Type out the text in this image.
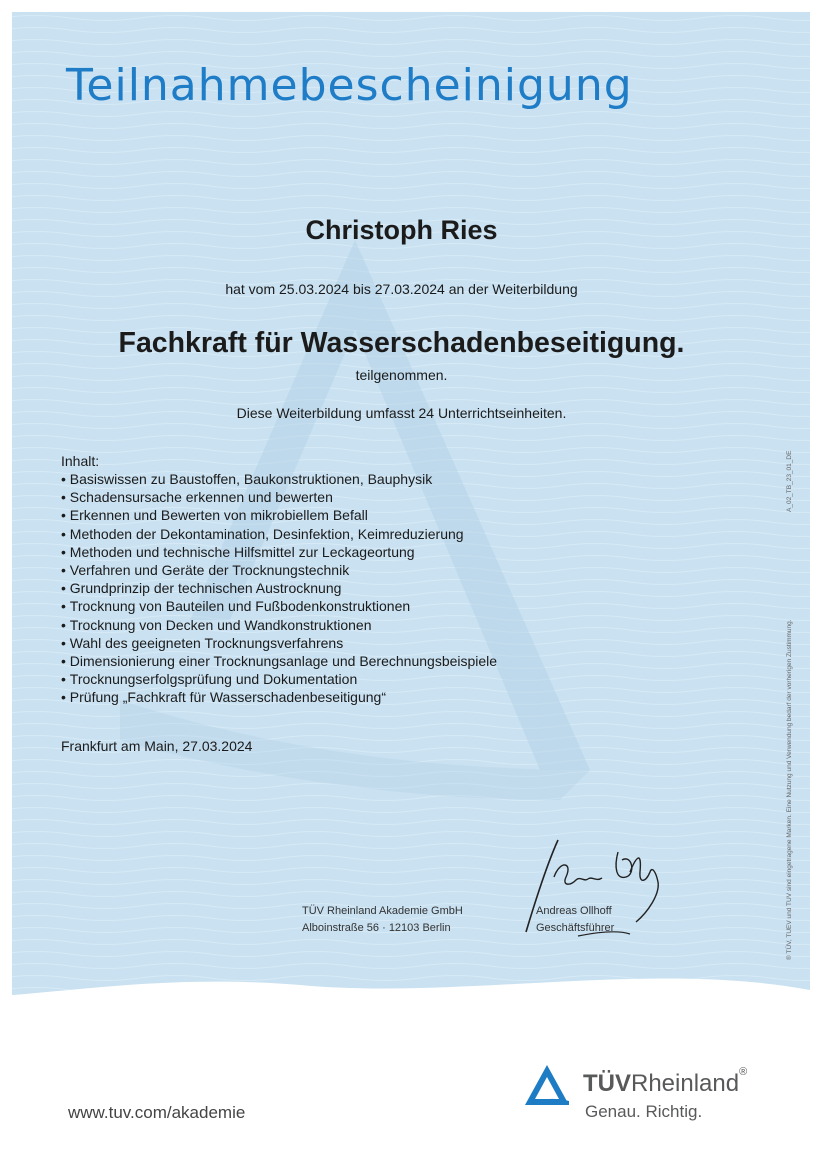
Teilnahmebescheinigung
Christoph Ries
hat vom 25.03.2024 bis 27.03.2024 an der Weiterbildung
Fachkraft für Wasserschadenbeseitigung.
teilgenommen.
Diese Weiterbildung umfasst 24 Unterrichtseinheiten.
Inhalt:
• Basiswissen zu Baustoffen, Baukonstruktionen, Bauphysik
• Schadensursache erkennen und bewerten
• Erkennen und Bewerten von mikrobiellem Befall
• Methoden der Dekontamination, Desinfektion, Keimreduzierung
• Methoden und technische Hilfsmittel zur Leckageortung
• Verfahren und Geräte der Trocknungstechnik
• Grundprinzip der technischen Austrocknung
• Trocknung von Bauteilen und Fußbodenkonstruktionen
• Trocknung von Decken und Wandkonstruktionen
• Wahl des geeigneten Trocknungsverfahrens
• Dimensionierung einer Trocknungsanlage und Berechnungsbeispiele
• Trocknungserfolgsprüfung und Dokumentation
• Prüfung „Fachkraft für Wasserschadenbeseitigung“
Frankfurt am Main, 27.03.2024
TÜV Rheinland Akademie GmbH
Alboinstraße 56 · 12103 Berlin
Andreas Ollhoff
Geschäftsführer
A_02_TB_23_01_DE
® TÜV, TUEV und TUV sind eingetragene Marken. Eine Nutzung und Verwendung bedarf der vorherigen Zustimmung.
www.tuv.com/akademie
TÜVRheinland®
Genau. Richtig.
